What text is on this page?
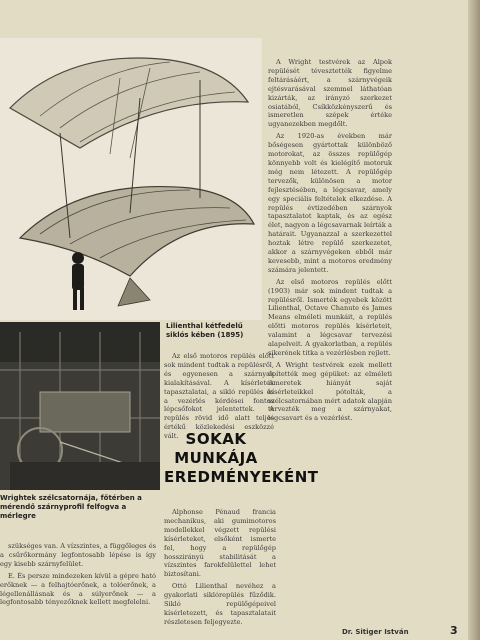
Lilienthal kétfedelű siklós kében (1895)
Wrightek szélcsatornája, főtérben a mérendő szárnyprofil felfogva a mérlegre

A Wright testvérek az Alpok repülését tévesztették figyelme feltárásáért, a szárnyvégeik ejtésvarásával szemmel láthatóan kizárták, az irányzó szerkezet osiatából, Csíkközkényszerű és ismeretlen szépek értéke ugyanezekben megdőlt.

Az 1920-as években már bőségesen gyártottak különböző motorokat, az összes repülőgép könnyebb volt és kielégítő motoruk még nem létezett. A repülőgép tervezők, különösen a motor fejlesztésében, a légcsavar, amely egy speciális feltételek elkezdése. A repülés évtizedében szárnyok tapasztalatot kaptak, és az egész élet, nagyon a légcsavarnak leírták a határait. Ugyanazzal a szerkezettel hoztak létre repülő szerkezetet, akkor a szárnyvégeken ebből már kevesebb, mint a motoros eredmény számára jelentett.

Az első motoros repülés előtt (1903) már sok mindent tudtak a repülésről. Ismerték egyebek között Lilienthal, Octave Chanute és James Means elméleti munkáit, a repülés előtti motoros repülés kísérleteit, valamint a légcsavar tervezési alapelveit. A gyakorlatban, a repülés sikerének titka a vezérlésben rejlett.

A Wright testvérek ezek mellett építették meg gépüket: az elméleti ismeretek hiányát saját kísérleteikkel pótolták, a szélcsatornában mért adatok alapján tervezték meg a szárnyakat, légcsavart és a vezérlést.

Az első motoros repülés előtt sok mindent tudtak a repülésről, és egyenesen a szárnyak kialakításával. A kísérletek tapasztalatai, a sikló repülés és a vezérlés kérdései fontos lépcsőfokot jelentettek. A repülés rövid idő alatt teljes értékű közlekedési eszközzé vált. SOKAK MUNKÁJA
EREDMÉNYEKÉNT

Alphonse Pénaud francia mechanikus, aki gumimotoros modellekkel végzett repülési kísérleteket, elsőként ismerte fel, hogy a repülőgép hosszirányú stabilitását a vízszintes farokfelülettel lehet biztosítani.

Ottó Lilienthal nevéhez a gyakorlati siklórepülés fűződik. Sikló repülőgépeivel kísérletezett, és tapasztalatait részletesen feljegyezte.

szükséges van. A vízszintes, a függőleges és a csűrőkormány legfontosabb lépése is így egy kisebb szárnyfelület.

E. És persze mindezeken kívül a gépre ható erőknek — a felhajtóerőnek, a tolóerőnek, a légellenállásnak és a súlyerőnek — a legfontosabb tényezőknek kellett megfelelni.

Dr. Sitiger István	3
